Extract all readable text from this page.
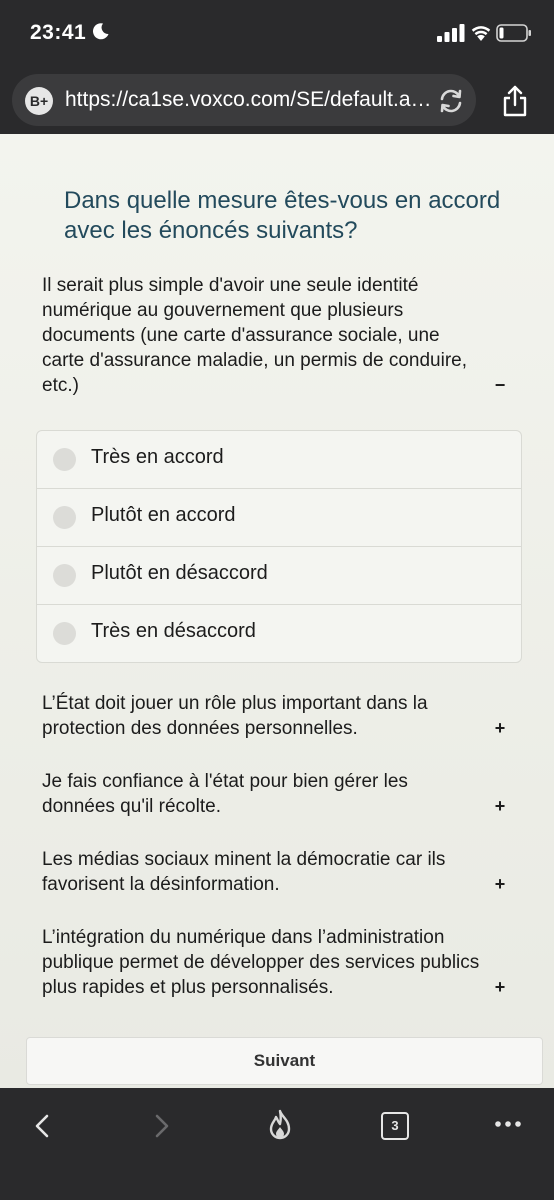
23:41
B+ https://ca1se.voxco.com/SE/default.a…
Dans quelle mesure êtes-vous en accord avec les énoncés suivants?
Il serait plus simple d'avoir une seule identité numérique au gouvernement que plusieurs documents (une carte d'assurance sociale, une carte d'assurance maladie, un permis de conduire, etc.)	−
Très en accord
Plutôt en accord
Plutôt en désaccord
Très en désaccord
L’État doit jouer un rôle plus important dans la protection des données personnelles.	+
Je fais confiance à l'état pour bien gérer les données qu'il récolte.	+
Les médias sociaux minent la démocratie car ils favorisent la désinformation.	+
L’intégration du numérique dans l’administration publique permet de développer des services publics plus rapides et plus personnalisés.	+
Suivant
3
